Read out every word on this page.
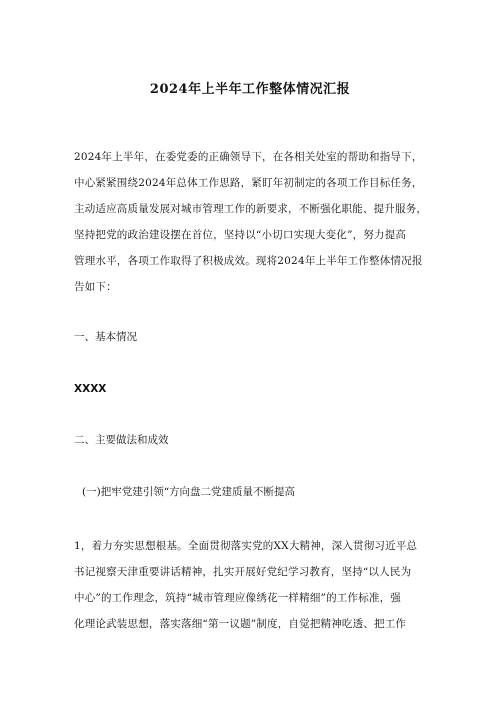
2024年上半年工作整体情况汇报
2024年上半年，在委党委的正确领导下，在各相关处室的帮助和指导下，
中心紧紧围绕2024年总体工作思路，紧盯年初制定的各项工作目标任务，
主动适应高质量发展对城市管理工作的新要求，不断强化职能、提升服务，
坚持把党的政治建设摆在首位，坚持以“小切口实现大变化”，努力提高
管理水平，各项工作取得了积极成效。现将2024年上半年工作整体情况报
告如下：
一、基本情况
XXXX
二、主要做法和成效
(一)把牢党建引领“方向盘二党建质量不断提高
1，着力夯实思想根基。全面贯彻落实党的XX大精神，深入贯彻习近平总
书记视察天津重要讲话精神，扎实开展好党纪学习教育，坚持“以人民为
中心”的工作理念，筑持“城市管理应像绣花一样精细”的工作标准，强
化理论武装思想，落实落细“第一议题”制度，自觉把精神吃透、把工作
